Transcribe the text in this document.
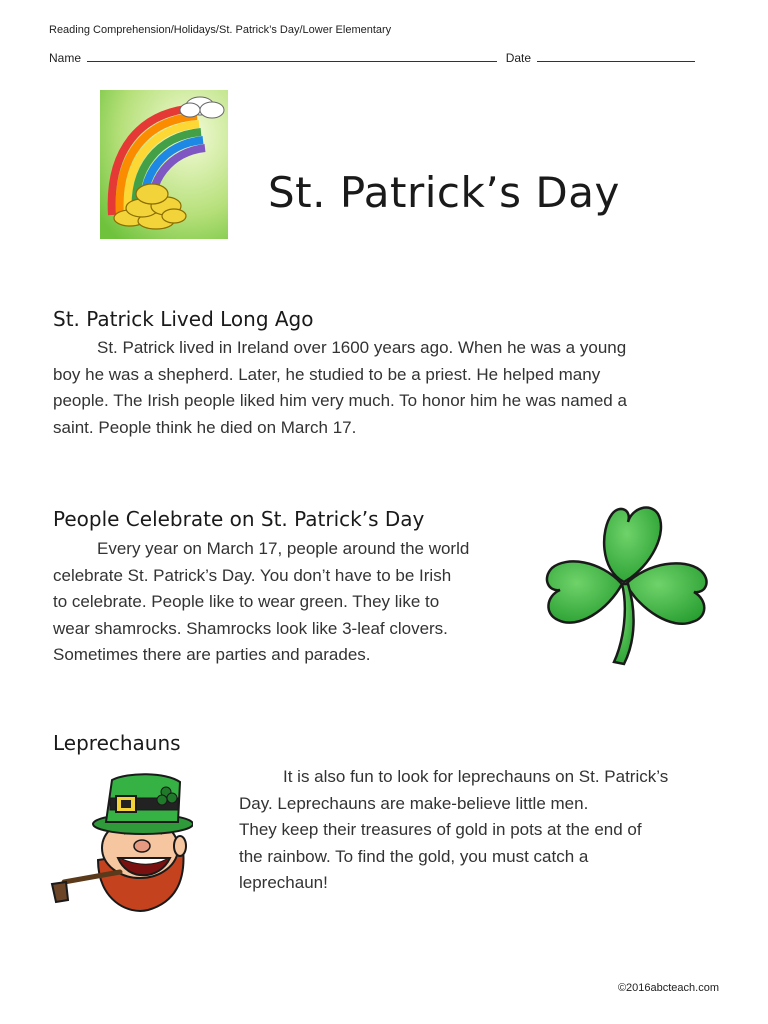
Reading Comprehension/Holidays/St. Patrick’s Day/Lower Elementary
Name	Date
St. Patrick’s Day
St. Patrick Lived Long Ago

St. Patrick lived in Ireland over 1600 years ago. When he was a young

boy he was a shepherd. Later, he studied to be a priest. He helped many

people. The Irish people liked him very much. To honor him he was named a

saint. People think he died on March 17.

People Celebrate on St. Patrick’s Day

Every year on March 17, people around the world

celebrate St. Patrick’s Day. You don’t have to be Irish

to celebrate. People like to wear green. They like to

wear shamrocks. Shamrocks look like 3-leaf clovers.

Sometimes there are parties and parades.

Leprechauns

It is also fun to look for leprechauns on St. Patrick’s

Day. Leprechauns are make-believe little men.

They keep their treasures of gold in pots at the end of

the rainbow. To find the gold, you must catch a

leprechaun!

©2016abcteach.com
